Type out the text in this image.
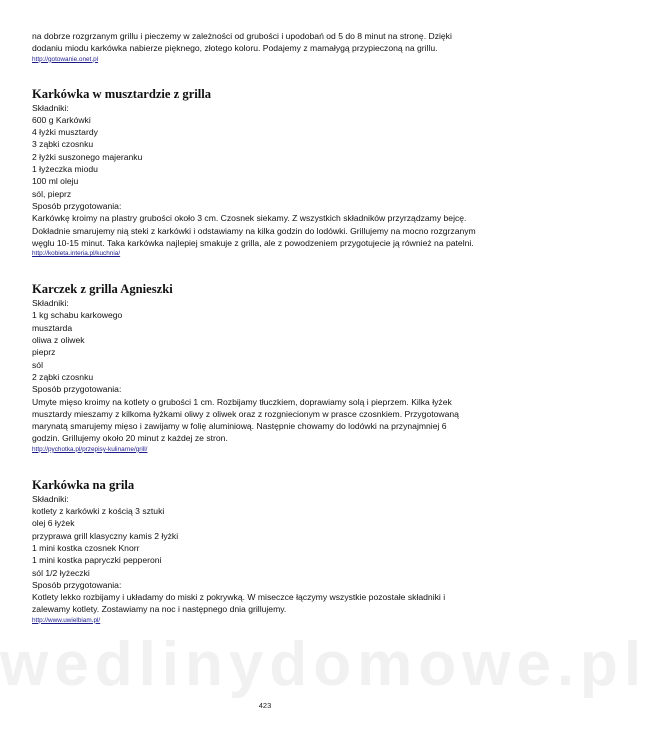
wedlinydomowe.pl

na dobrze rozgrzanym grillu i pieczemy w zależności od grubości i upodobań od 5 do 8 minut na stronę. Dzięki

dodaniu miodu karkówka nabierze pięknego, złotego koloru. Podajemy z mamałygą przypieczoną na grillu.

http://gotowanie.onet.pl
Karkówka w musztardzie z grilla

Składniki:

600 g Karkówki

4 łyżki musztardy

3 ząbki czosnku

2 łyżki suszonego majeranku

1 łyżeczka miodu

100 ml oleju

sól, pieprz

Sposób przygotowania:

Karkówkę kroimy na plastry grubości około 3 cm. Czosnek siekamy. Z wszystkich składników przyrządzamy bejcę.

Dokładnie smarujemy nią steki z karkówki i odstawiamy na kilka godzin do lodówki. Grillujemy na mocno rozgrzanym

węglu 10-15 minut. Taka karkówka najlepiej smakuje z grilla, ale z powodzeniem przygotujecie ją również na patelni.

http://kobieta.interia.pl/kuchnia/
Karczek z grilla Agnieszki

Składniki:

1 kg schabu karkowego

musztarda

oliwa z oliwek

pieprz

sól

2 ząbki czosnku

Sposób przygotowania:

Umyte mięso kroimy na kotlety o grubości 1 cm. Rozbijamy tłuczkiem, doprawiamy solą i pieprzem. Kilka łyżek

musztardy mieszamy z kilkoma łyżkami oliwy z oliwek oraz z rozgniecionym w prasce czosnkiem. Przygotowaną

marynatą smarujemy mięso i zawijamy w folię aluminiową. Następnie chowamy do lodówki na przynajmniej 6

godzin. Grillujemy około 20 minut z każdej ze stron.

http://pychotka.pl/przepisy-kulinarne/grill/
Karkówka na grila

Składniki:

kotlety z karkówki z kością 3 sztuki

olej 6 łyżek

przyprawa grill klasyczny kamis 2 łyżki

1 mini kostka czosnek Knorr

1 mini kostka papryczki pepperoni

sól 1/2 łyżeczki

Sposób przygotowania:

Kotlety lekko rozbijamy i układamy do miski z pokrywką. W miseczce łączymy wszystkie pozostałe składniki i

zalewamy kotlety. Zostawiamy na noc i następnego dnia grillujemy.

http://www.uwielbiam.pl/
423
